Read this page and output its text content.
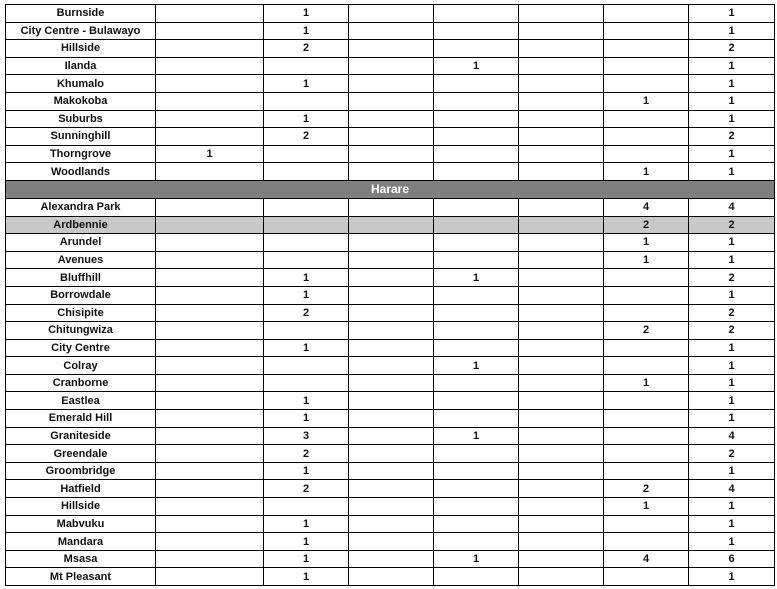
Burnside		1					1
City Centre - Bulawayo		1					1
Hillside		2					2
Ilanda				1			1
Khumalo		1					1
Makokoba						1	1
Suburbs		1					1
Sunninghill		2					2
Thorngrove	1						1
Woodlands						1	1
Harare							
Alexandra Park						4	4
Ardbennie						2	2
Arundel						1	1
Avenues						1	1
Bluffhill		1		1			2
Borrowdale		1					1
Chisipite		2					2
Chitungwiza						2	2
City Centre		1					1
Colray				1			1
Cranborne						1	1
Eastlea		1					1
Emerald Hill		1					1
Graniteside		3		1			4
Greendale		2					2
Groombridge		1					1
Hatfield		2				2	4
Hillside						1	1
Mabvuku		1					1
Mandara		1					1
Msasa		1		1		4	6
Mt Pleasant		1					1
